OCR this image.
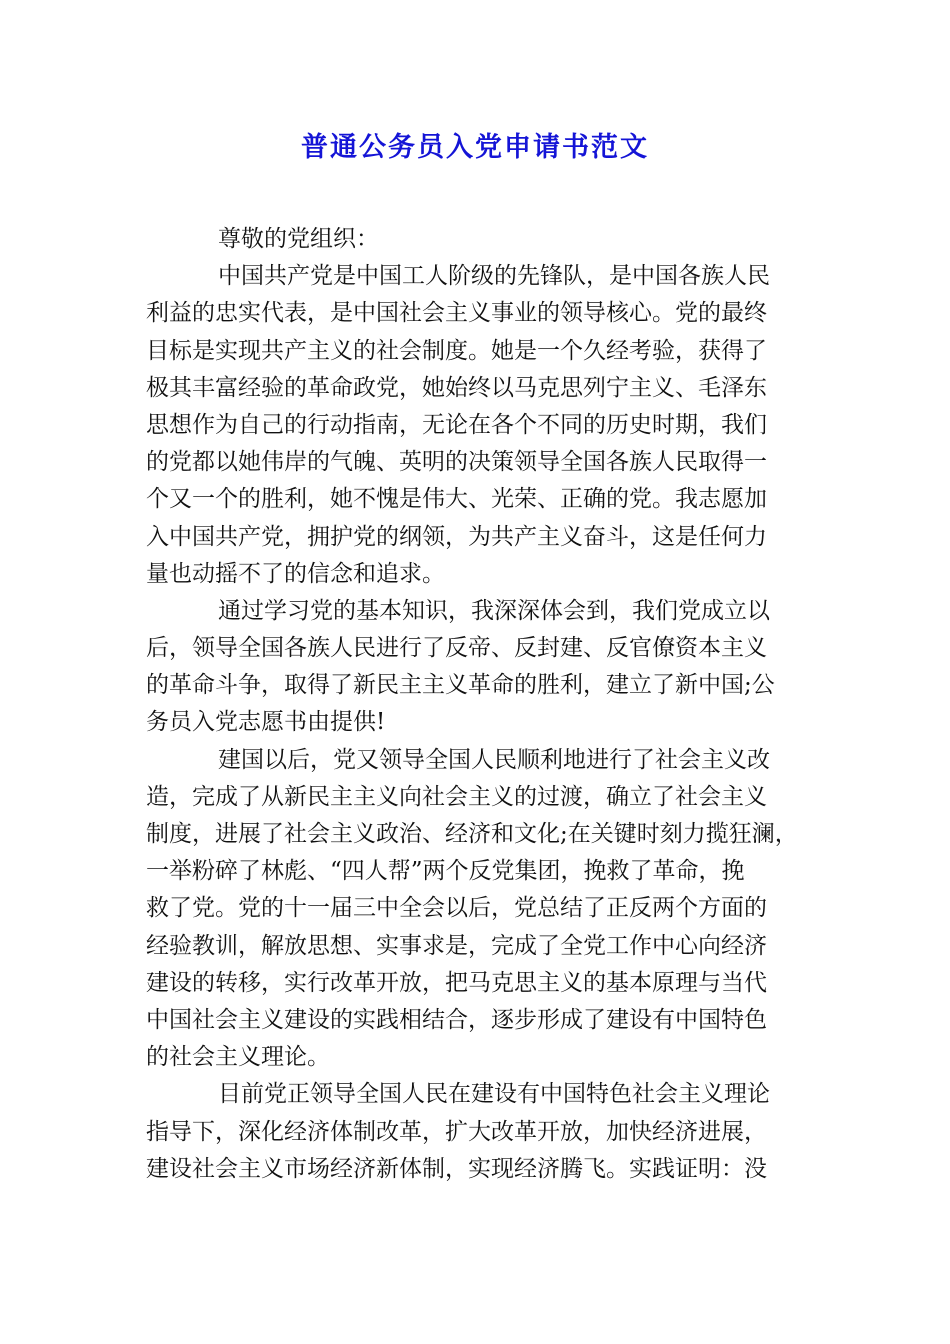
普通公务员入党申请书范文
尊敬的党组织：
中国共产党是中国工人阶级的先锋队，是中国各族人民
利益的忠实代表，是中国社会主义事业的领导核心。党的最终
目标是实现共产主义的社会制度。她是一个久经考验，获得了
极其丰富经验的革命政党，她始终以马克思列宁主义、毛泽东
思想作为自己的行动指南，无论在各个不同的历史时期，我们
的党都以她伟岸的气魄、英明的决策领导全国各族人民取得一
个又一个的胜利，她不愧是伟大、光荣、正确的党。我志愿加
入中国共产党，拥护党的纲领，为共产主义奋斗，这是任何力
量也动摇不了的信念和追求。
通过学习党的基本知识，我深深体会到，我们党成立以
后，领导全国各族人民进行了反帝、反封建、反官僚资本主义
的革命斗争，取得了新民主主义革命的胜利，建立了新中国;公
务员入党志愿书由提供!
建国以后，党又领导全国人民顺利地进行了社会主义改
造，完成了从新民主主义向社会主义的过渡，确立了社会主义
制度，进展了社会主义政治、经济和文化;在关键时刻力揽狂澜，
一举粉碎了林彪、“四人帮”两个反党集团，挽救了革命，挽
救了党。党的十一届三中全会以后，党总结了正反两个方面的
经验教训，解放思想、实事求是，完成了全党工作中心向经济
建设的转移，实行改革开放，把马克思主义的基本原理与当代
中国社会主义建设的实践相结合，逐步形成了建设有中国特色
的社会主义理论。
目前党正领导全国人民在建设有中国特色社会主义理论
指导下，深化经济体制改革，扩大改革开放，加快经济进展，
建设社会主义市场经济新体制，实现经济腾飞。实践证明：没
